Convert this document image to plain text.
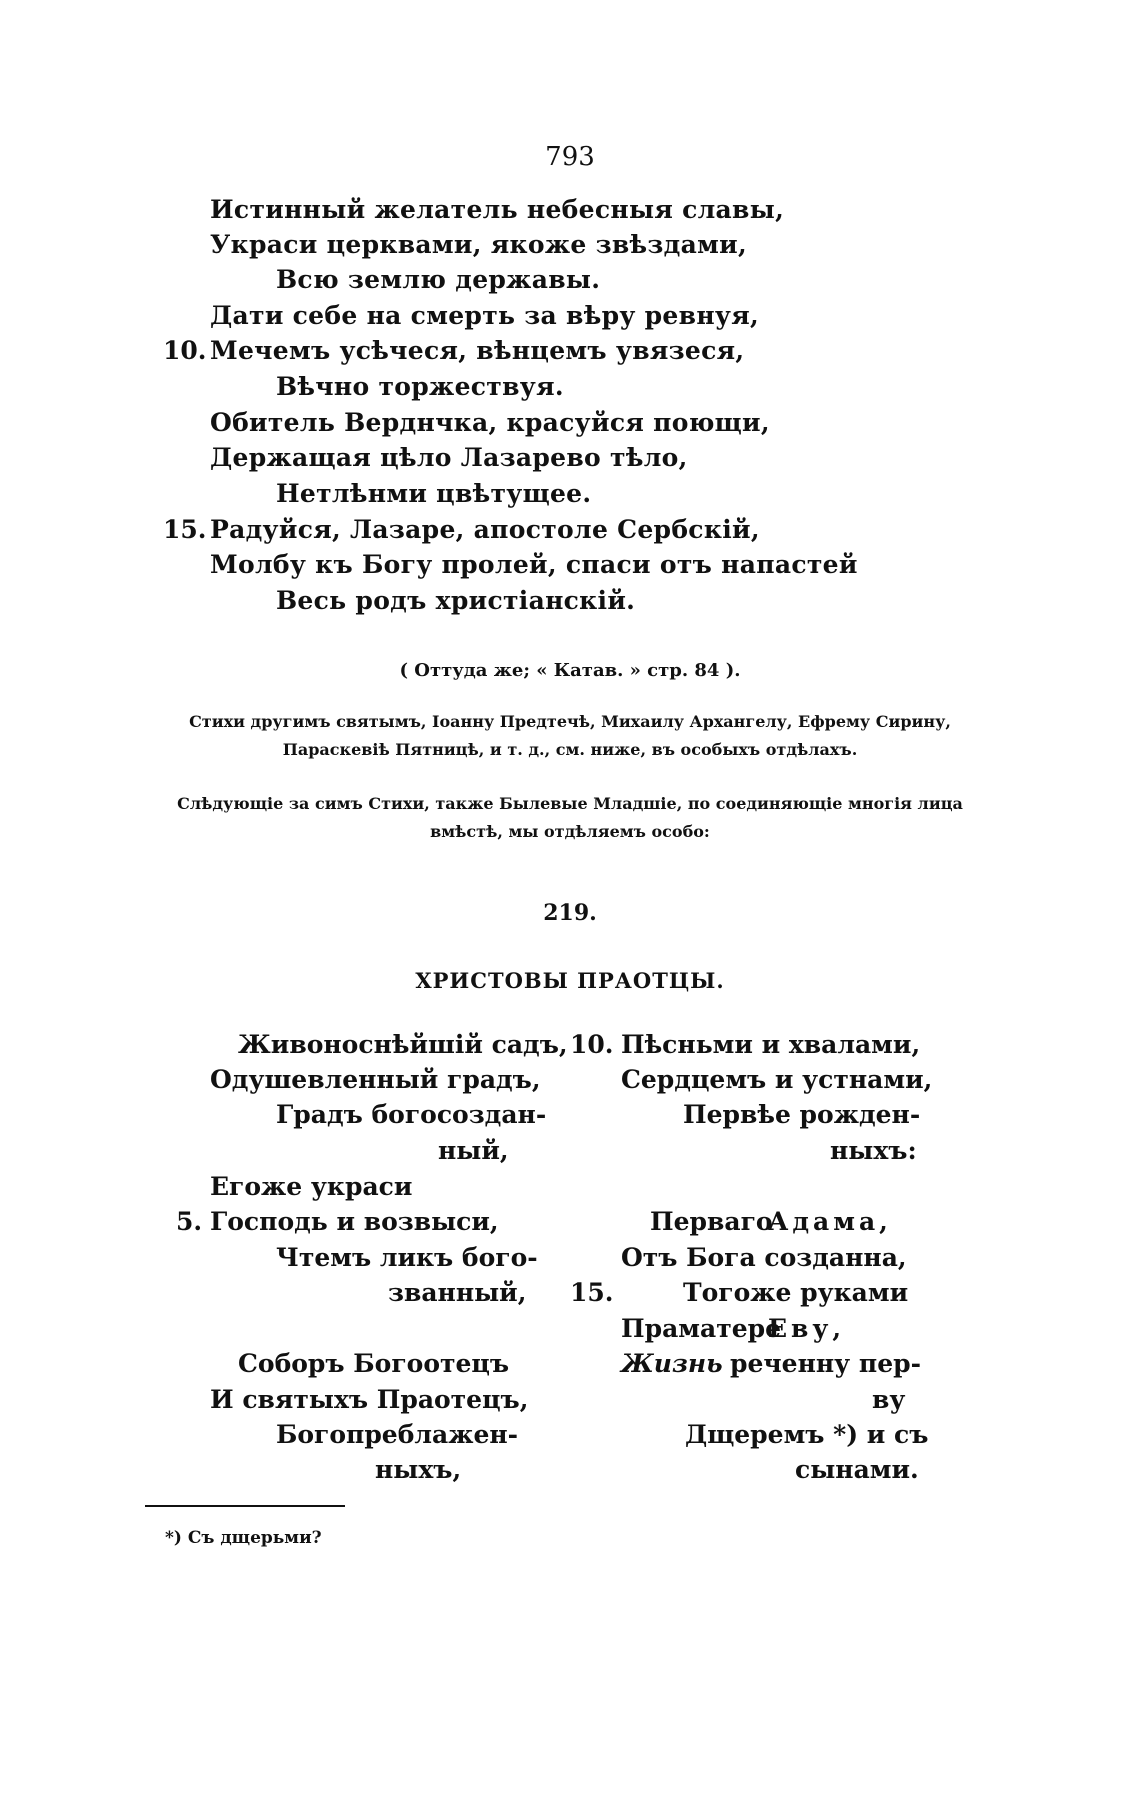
793
Истинный желатель небесныя славы,
Украси церквами, якоже звѣздами,
Всю землю державы.
Дати себе на смерть за вѣру ревнуя,
10. Мечемъ усѣчеся, вѣнцемъ увязеся,
Вѣчно торжествуя.
Обитель Верднчка, красуйся поющи,
Держащая цѣло Лазарево тѣло,
Нетлѣнми цвѣтущее.
15. Радуйся, Лазаре, апостоле Сербскій,
Молбу къ Богу пролей, спаси отъ напастей
Весь родъ христіанскій.
( Оттуда же; « Катав. » стр. 84 ).
Стихи другимъ святымъ, Іоанну Предтечѣ, Михаилу Архангелу, Ефрему Сирину,
Параскевіѣ Пятницѣ, и т. д., см. ниже, въ особыхъ отдѣлахъ.
Слѣдующіе за симъ Стихи, также Былевые Младшіе, по соединяющіе многія лица
вмѣстѣ, мы отдѣляемъ особо:
219.
ХРИСТОВЫ ПРАОТЦЫ.
Живоноснѣйшій садъ,
Одушевленный градъ,
Градъ богосоздан-
ный,
Егоже украси
5. Господь и возвыси,
Чтемъ ликъ бого-
званный,
Соборъ Богоотецъ
И святыхъ Праотецъ,
Богопреблажен-
ныхъ,
10. Пѣсньми и хвалами,
Сердцемъ и устнами,
Первѣе рожден-
ныхъ:
Перваго
Адама,
Отъ Бога созданна,
15.	Тогоже руками
Праматере
Еву,
Жизнь реченну пер-
ву
Дщеремъ *) и съ
сынами.
*) Съ дщерьми?
